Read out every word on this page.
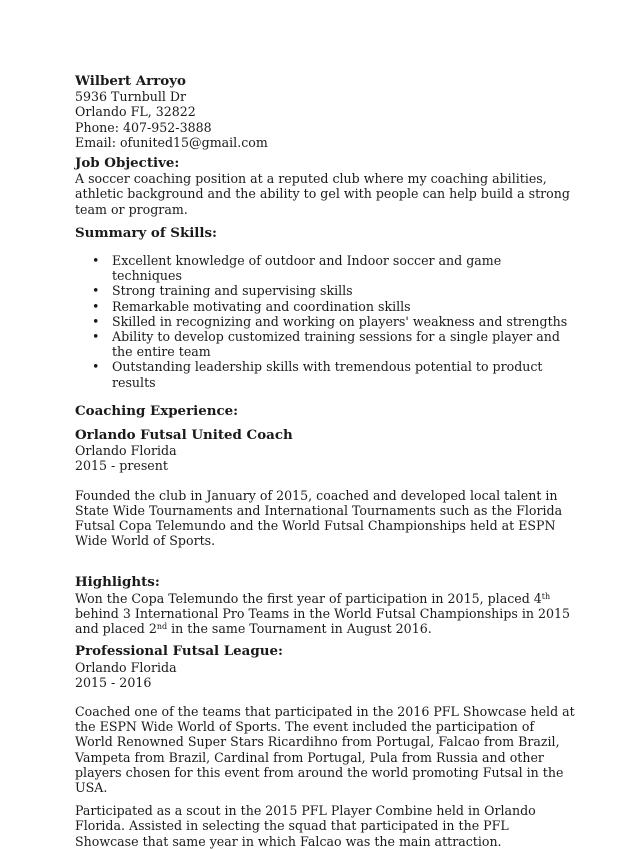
Wilbert Arroyo
5936 Turnbull Dr
Orlando FL, 32822
Phone: 407-952-3888
Email: ofunited15@gmail.com
Job Objective:

A soccer coaching position at a reputed club where my coaching abilities, athletic background and the ability to gel with people can help build a strong team or program.

Summary of Skills:
• Excellent knowledge of outdoor and Indoor soccer and game techniques
• Strong training and supervising skills
• Remarkable motivating and coordination skills
• Skilled in recognizing and working on players' weakness and strengths
• Ability to develop customized training sessions for a single player and the entire team
• Outstanding leadership skills with tremendous potential to product results
Coaching Experience:
Orlando Futsal United Coach
Orlando Florida
2015 - present

Founded the club in January of 2015, coached and developed local talent in State Wide Tournaments and International Tournaments such as the Florida Futsal Copa Telemundo and the World Futsal Championships held at ESPN Wide World of Sports.

Highlights:

Won the Copa Telemundo the first year of participation in 2015, placed 4th behind 3 International Pro Teams in the World Futsal Championships in 2015 and placed 2nd in the same Tournament in August 2016.

Professional Futsal League:
Orlando Florida
2015 - 2016

Coached one of the teams that participated in the 2016 PFL Showcase held at the ESPN Wide World of Sports. The event included the participation of World Renowned Super Stars Ricardihno from Portugal, Falcao from Brazil, Vampeta from Brazil, Cardinal from Portugal, Pula from Russia and other players chosen for this event from around the world promoting Futsal in the USA.

Participated as a scout in the 2015 PFL Player Combine held in Orlando Florida. Assisted in selecting the squad that participated in the PFL Showcase that same year in which Falcao was the main attraction.
